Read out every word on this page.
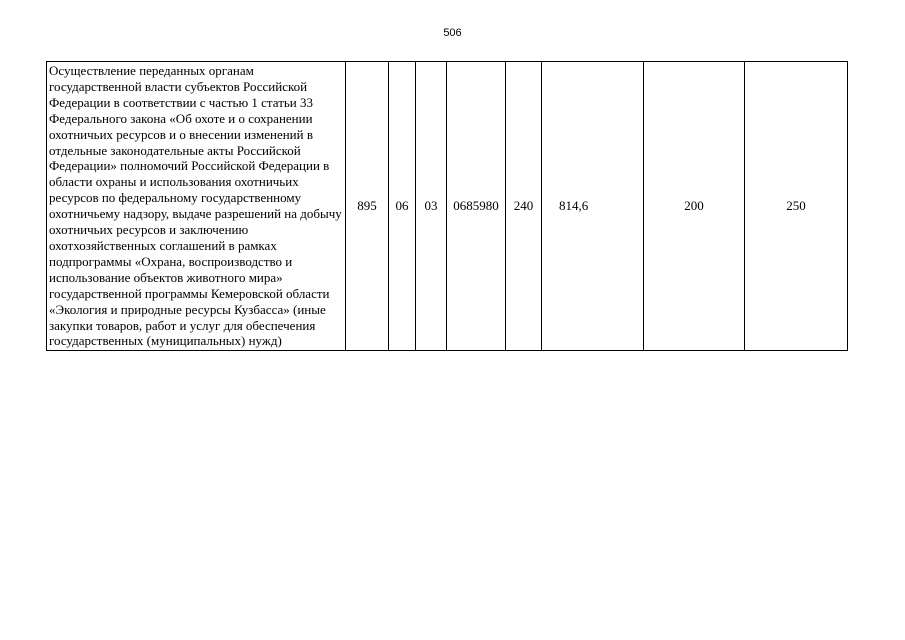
506
Осуществление переданных органам государственной власти субъектов Российской Федерации в соответствии с частью 1 статьи 33 Федерального закона «Об охоте и о сохранении охотничьих ресурсов и о внесении изменений в отдельные законодательные акты Российской Федерации» полномочий Российской Федерации в области охраны и использования охотничьих ресурсов по федеральному государственному охотничьему надзору, выдаче разрешений на добычу охотничьих ресурсов и заключению охотхозяйственных соглашений в рамках подпрограммы «Охрана, воспроизводство и использование объектов животного мира» государственной программы Кемеровской области «Экология и природные ресурсы Кузбасса» (иные закупки товаров, работ и услуг для обеспечения государственных (муниципальных) нужд)	895	06	03	0685980	240	814,6	200	250
